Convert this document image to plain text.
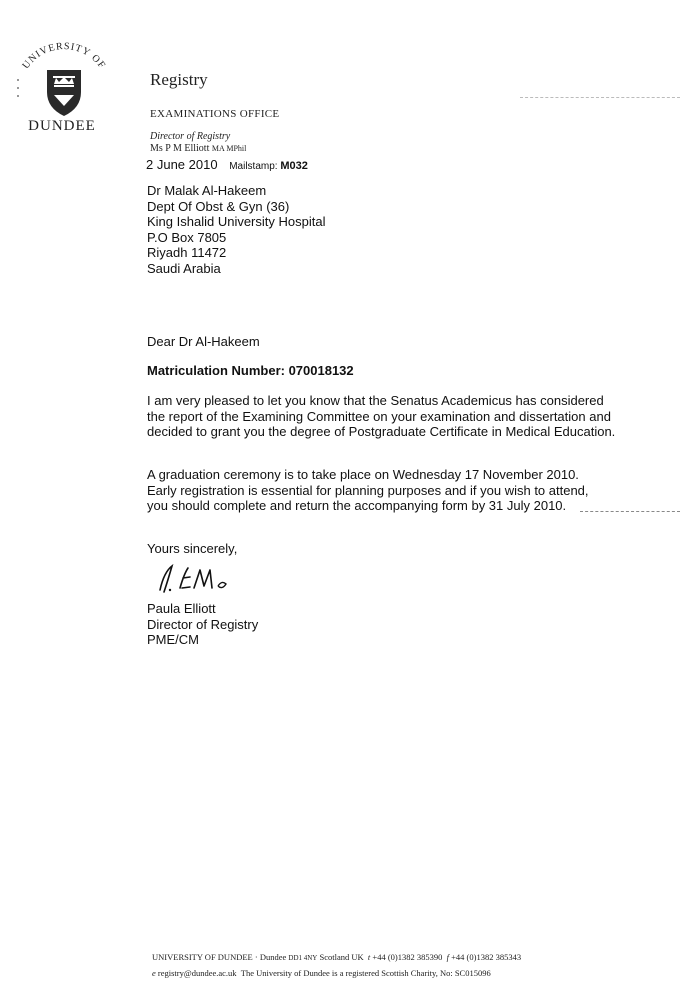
UNIVERSITY OF
DUNDEE
Registry
EXAMINATIONS OFFICE
Director of Registry
Ms P M Elliott MA MPhil
2 June 2010 Mailstamp: M032
Dr Malak Al-Hakeem
Dept Of Obst & Gyn (36)
King Ishalid University Hospital
P.O Box 7805
Riyadh 11472
Saudi Arabia
Dear Dr Al-Hakeem
Matriculation Number: 070018132
I am very pleased to let you know that the Senatus Academicus has considered the report of the Examining Committee on your examination and dissertation and decided to grant you the degree of Postgraduate Certificate in Medical Education.
A graduation ceremony is to take place on Wednesday 17 November 2010. Early registration is essential for planning purposes and if you wish to attend, you should complete and return the accompanying form by 31 July 2010.
Yours sincerely,
Paula Elliott
Director of Registry
PME/CM
UNIVERSITY OF DUNDEE · Dundee DD1 4NY Scotland UK t +44 (0)1382 385390 f +44 (0)1382 385343
e registry@dundee.ac.uk The University of Dundee is a registered Scottish Charity, No: SC015096
